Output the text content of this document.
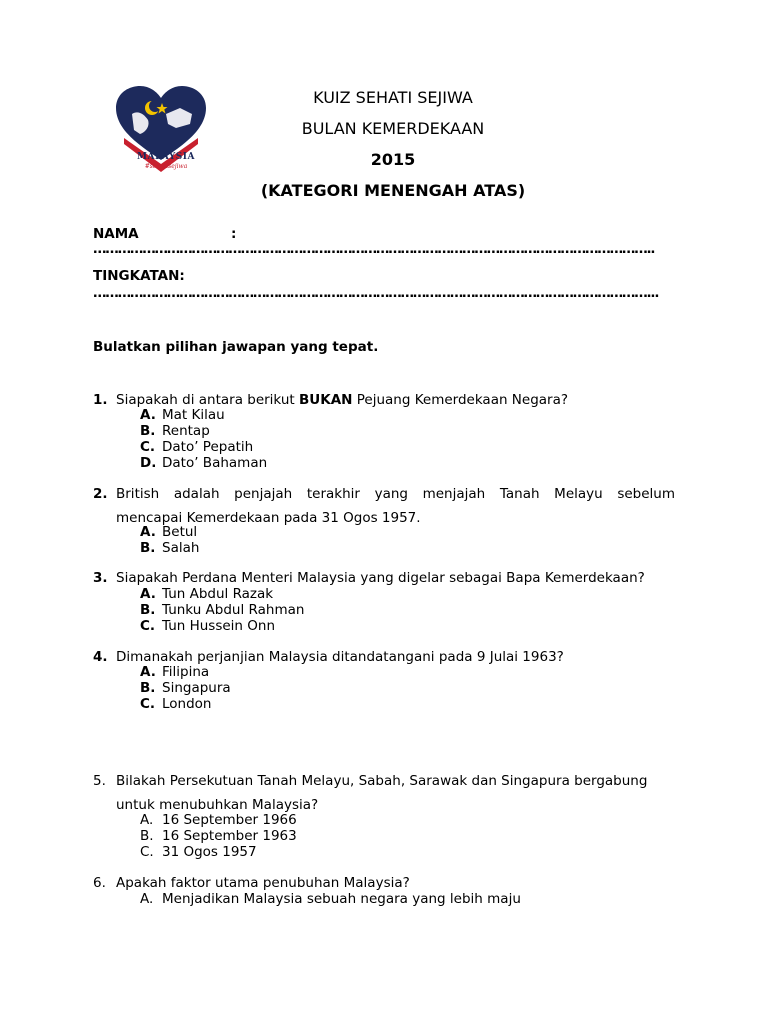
MALAYSIA
#sehatisejiwa
KUIZ SEHATI SEJIWA
BULAN KEMERDEKAAN
2015
(KATEGORI MENENGAH ATAS)
NAMA	:
………………………………………………………………………………………………………………………..
TINGKATAN:
………………………………………………………………………………………………………………………...
Bulatkan pilihan jawapan yang tepat.
1. Siapakah di antara berikut BUKAN Pejuang Kemerdekaan Negara?
A. Mat Kilau
B. Rentap
C. Dato’ Pepatih
D. Dato’ Bahaman
2. British adalah penjajah terakhir yang menjajah Tanah Melayu sebelum
mencapai Kemerdekaan pada 31 Ogos 1957.
A. Betul
B. Salah
3. Siapakah Perdana Menteri Malaysia yang digelar sebagai Bapa Kemerdekaan?
A. Tun Abdul Razak
B. Tunku Abdul Rahman
C. Tun Hussein Onn
4. Dimanakah perjanjian Malaysia ditandatangani pada 9 Julai 1963?
A. Filipina
B. Singapura
C. London
5. Bilakah Persekutuan Tanah Melayu, Sabah, Sarawak dan Singapura bergabung
untuk menubuhkan Malaysia?
A. 16 September 1966
B. 16 September 1963
C. 31 Ogos 1957
6. Apakah faktor utama penubuhan Malaysia?
A. Menjadikan Malaysia sebuah negara yang lebih maju
